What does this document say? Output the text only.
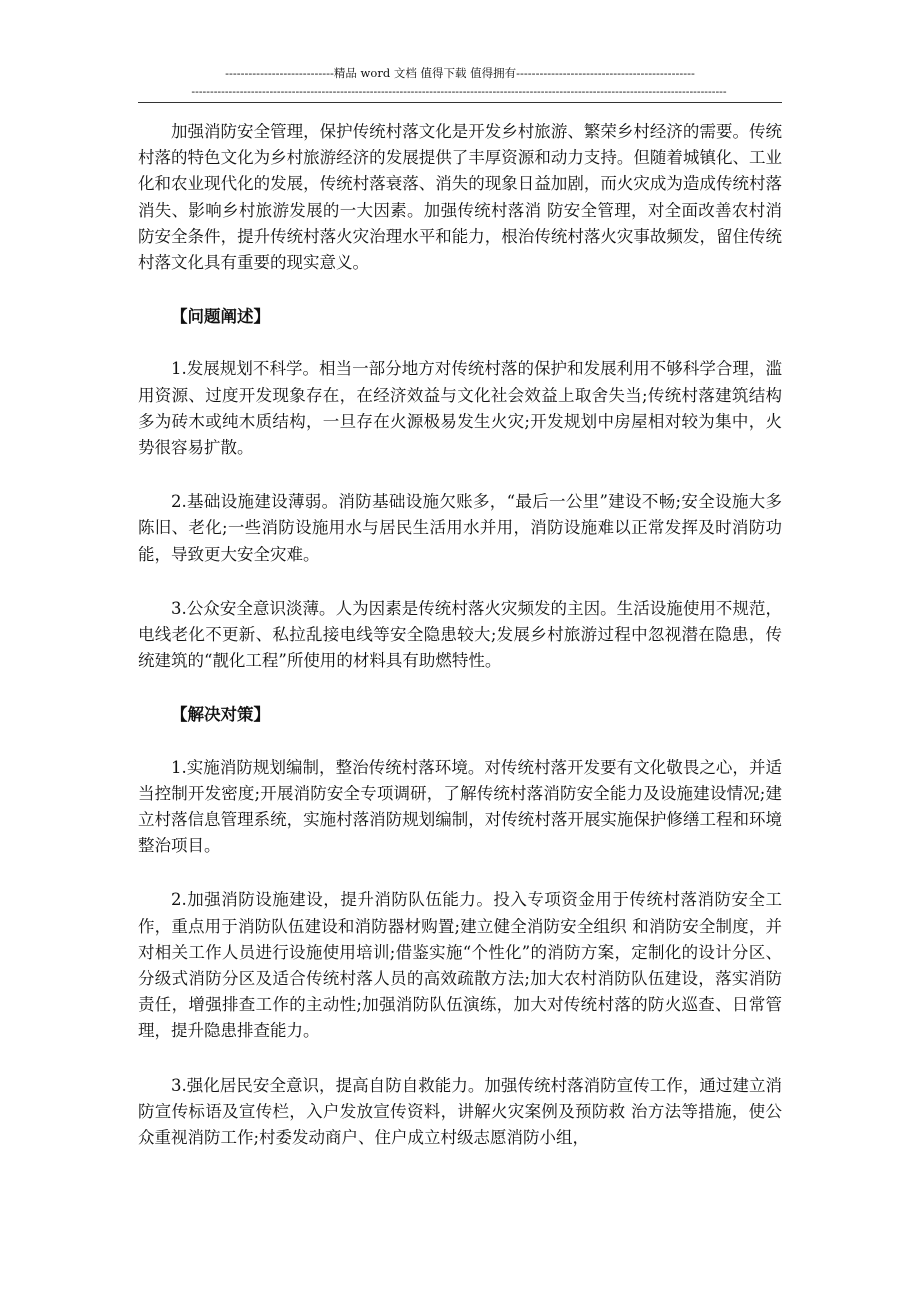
----------------------------精品 word 文档 值得下载 值得拥有----------------------------------------------
------------------------------------------------------------------------------------------------------------------------------------------------

加强消防安全管理，保护传统村落文化是开发乡村旅游、繁荣乡村经济的需要。传统村落的特色文化为乡村旅游经济的发展提供了丰厚资源和动力支持。但随着城镇化、工业化和农业现代化的发展，传统村落衰落、消失的现象日益加剧，而火灾成为造成传统村落消失、影响乡村旅游发展的一大因素。加强传统村落消 防安全管理，对全面改善农村消防安全条件，提升传统村落火灾治理水平和能力，根治传统村落火灾事故频发，留住传统村落文化具有重要的现实意义。

【问题阐述】

1.发展规划不科学。相当一部分地方对传统村落的保护和发展利用不够科学合理，滥用资源、过度开发现象存在，在经济效益与文化社会效益上取舍失当;传统村落建筑结构多为砖木或纯木质结构，一旦存在火源极易发生火灾;开发规划中房屋相对较为集中，火势很容易扩散。

2.基础设施建设薄弱。消防基础设施欠账多，“最后一公里”建设不畅;安全设施大多陈旧、老化;一些消防设施用水与居民生活用水并用，消防设施难以正常发挥及时消防功能，导致更大安全灾难。

3.公众安全意识淡薄。人为因素是传统村落火灾频发的主因。生活设施使用不规范，电线老化不更新、私拉乱接电线等安全隐患较大;发展乡村旅游过程中忽视潜在隐患，传统建筑的“靓化工程”所使用的材料具有助燃特性。

【解决对策】

1.实施消防规划编制，整治传统村落环境。对传统村落开发要有文化敬畏之心，并适当控制开发密度;开展消防安全专项调研，了解传统村落消防安全能力及设施建设情况;建立村落信息管理系统，实施村落消防规划编制，对传统村落开展实施保护修缮工程和环境整治项目。

2.加强消防设施建设，提升消防队伍能力。投入专项资金用于传统村落消防安全工作，重点用于消防队伍建设和消防器材购置;建立健全消防安全组织 和消防安全制度，并对相关工作人员进行设施使用培训;借鉴实施“个性化”的消防方案，定制化的设计分区、分级式消防分区及适合传统村落人员的高效疏散方法;加大农村消防队伍建设，落实消防责任，增强排查工作的主动性;加强消防队伍演练，加大对传统村落的防火巡查、日常管理，提升隐患排查能力。

3.强化居民安全意识，提高自防自救能力。加强传统村落消防宣传工作，通过建立消防宣传标语及宣传栏，入户发放宣传资料，讲解火灾案例及预防救 治方法等措施，使公众重视消防工作;村委发动商户、住户成立村级志愿消防小组，
